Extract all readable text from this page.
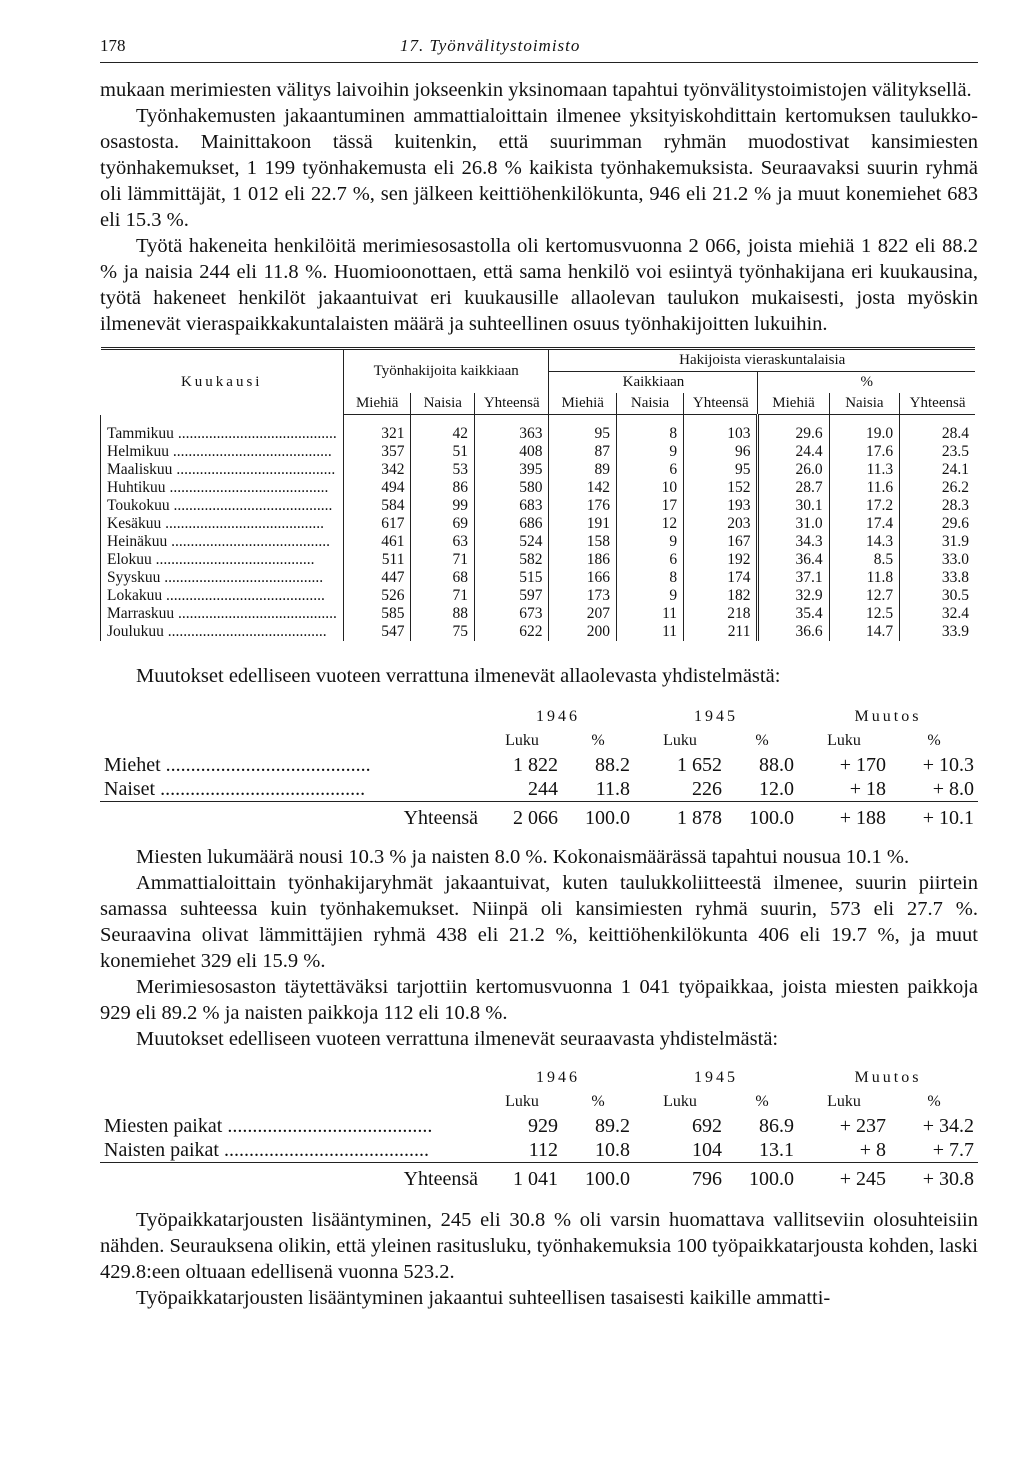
178	17. Työnvälitystoimisto

mukaan merimiesten välitys laivoihin jokseenkin yksinomaan tapahtui työnvälitystoimistojen välityksellä.

Työnhakemusten jakaantuminen ammattialoittain ilmenee yksityiskohdittain kertomuksen taulukko-osastosta. Mainittakoon tässä kuitenkin, että suurimman ryhmän muodostivat kansimiesten työnhakemukset, 1 199 työnhakemusta eli 26.8 % kaikista työnhakemuksista. Seuraavaksi suurin ryhmä oli lämmittäjät, 1 012 eli 22.7 %, sen jälkeen keittiöhenkilökunta, 946 eli 21.2 % ja muut konemiehet 683 eli 15.3 %.

Työtä hakeneita henkilöitä merimiesosastolla oli kertomusvuonna 2 066, joista miehiä 1 822 eli 88.2 % ja naisia 244 eli 11.8 %. Huomioonottaen, että sama henkilö voi esiintyä työnhakijana eri kuukausina, työtä hakeneet henkilöt jakaantuivat eri kuukausille allaolevan taulukon mukaisesti, josta myöskin ilmenevät vieraspaikkakuntalaisten määrä ja suhteellinen osuus työnhakijoitten lukuihin.

Kuukausi	Työnhakijoita kaikkiaan			Hakijoista vieraskuntalaisia					
				Kaikkiaan			%		
	Miehiä	Naisia	Yhteensä	Miehiä	Naisia	Yhteensä	Miehiä	Naisia	Yhteensä
Tammikuu .....	321	42	363	95	8	103	29.6	19.0	28.4
Helmikuu .....	357	51	408	87	9	96	24.4	17.6	23.5
Maaliskuu .....	342	53	395	89	6	95	26.0	11.3	24.1
Huhtikuu .....	494	86	580	142	10	152	28.7	11.6	26.2
Toukokuu .....	584	99	683	176	17	193	30.1	17.2	28.3
Kesäkuu .....	617	69	686	191	12	203	31.0	17.4	29.6
Heinäkuu .....	461	63	524	158	9	167	34.3	14.3	31.9
Elokuu .....	511	71	582	186	6	192	36.4	8.5	33.0
Syyskuu .....	447	68	515	166	8	174	37.1	11.8	33.8
Lokakuu .....	526	71	597	173	9	182	32.9	12.7	30.5
Marraskuu .....	585	88	673	207	11	218	35.4	12.5	32.4
Joulukuu .....	547	75	622	200	11	211	36.6	14.7	33.9

Muutokset edelliseen vuoteen verrattuna ilmenevät allaolevasta yhdistelmästä:

	1946		1945		Muutos	
	Luku	%	Luku	%	Luku	%
Miehet .....	1 822	88.2	1 652	88.0	+ 170	+ 10.3
Naiset .....	244	11.8	226	12.0	+ 18	+ 8.0
Yhteensä	2 066	100.0	1 878	100.0	+ 188	+ 10.1

Miesten lukumäärä nousi 10.3 % ja naisten 8.0 %. Kokonaismäärässä tapahtui nousua 10.1 %.

Ammattialoittain työnhakijaryhmät jakaantuivat, kuten taulukkoliitteestä ilmenee, suurin piirtein samassa suhteessa kuin työnhakemukset. Niinpä oli kansimiesten ryhmä suurin, 573 eli 27.7 %. Seuraavina olivat lämmittäjien ryhmä 438 eli 21.2 %, keittiöhenkilökunta 406 eli 19.7 %, ja muut konemiehet 329 eli 15.9 %.

Merimiesosaston täytettäväksi tarjottiin kertomusvuonna 1 041 työpaikkaa, joista miesten paikkoja 929 eli 89.2 % ja naisten paikkoja 112 eli 10.8 %.

Muutokset edelliseen vuoteen verrattuna ilmenevät seuraavasta yhdistelmästä:

	1946		1945		Muutos	
	Luku	%	Luku	%	Luku	%
Miesten paikat .....	929	89.2	692	86.9	+ 237	+ 34.2
Naisten paikat .....	112	10.8	104	13.1	+ 8	+ 7.7
Yhteensä	1 041	100.0	796	100.0	+ 245	+ 30.8

Työpaikkatarjousten lisääntyminen, 245 eli 30.8 % oli varsin huomattava vallitseviin olosuhteisiin nähden. Seurauksena olikin, että yleinen rasitusluku, työnhakemuksia 100 työpaikkatarjousta kohden, laski 429.8:een oltuaan edellisenä vuonna 523.2.

Työpaikkatarjousten lisääntyminen jakaantui suhteellisen tasaisesti kaikille ammatti-
